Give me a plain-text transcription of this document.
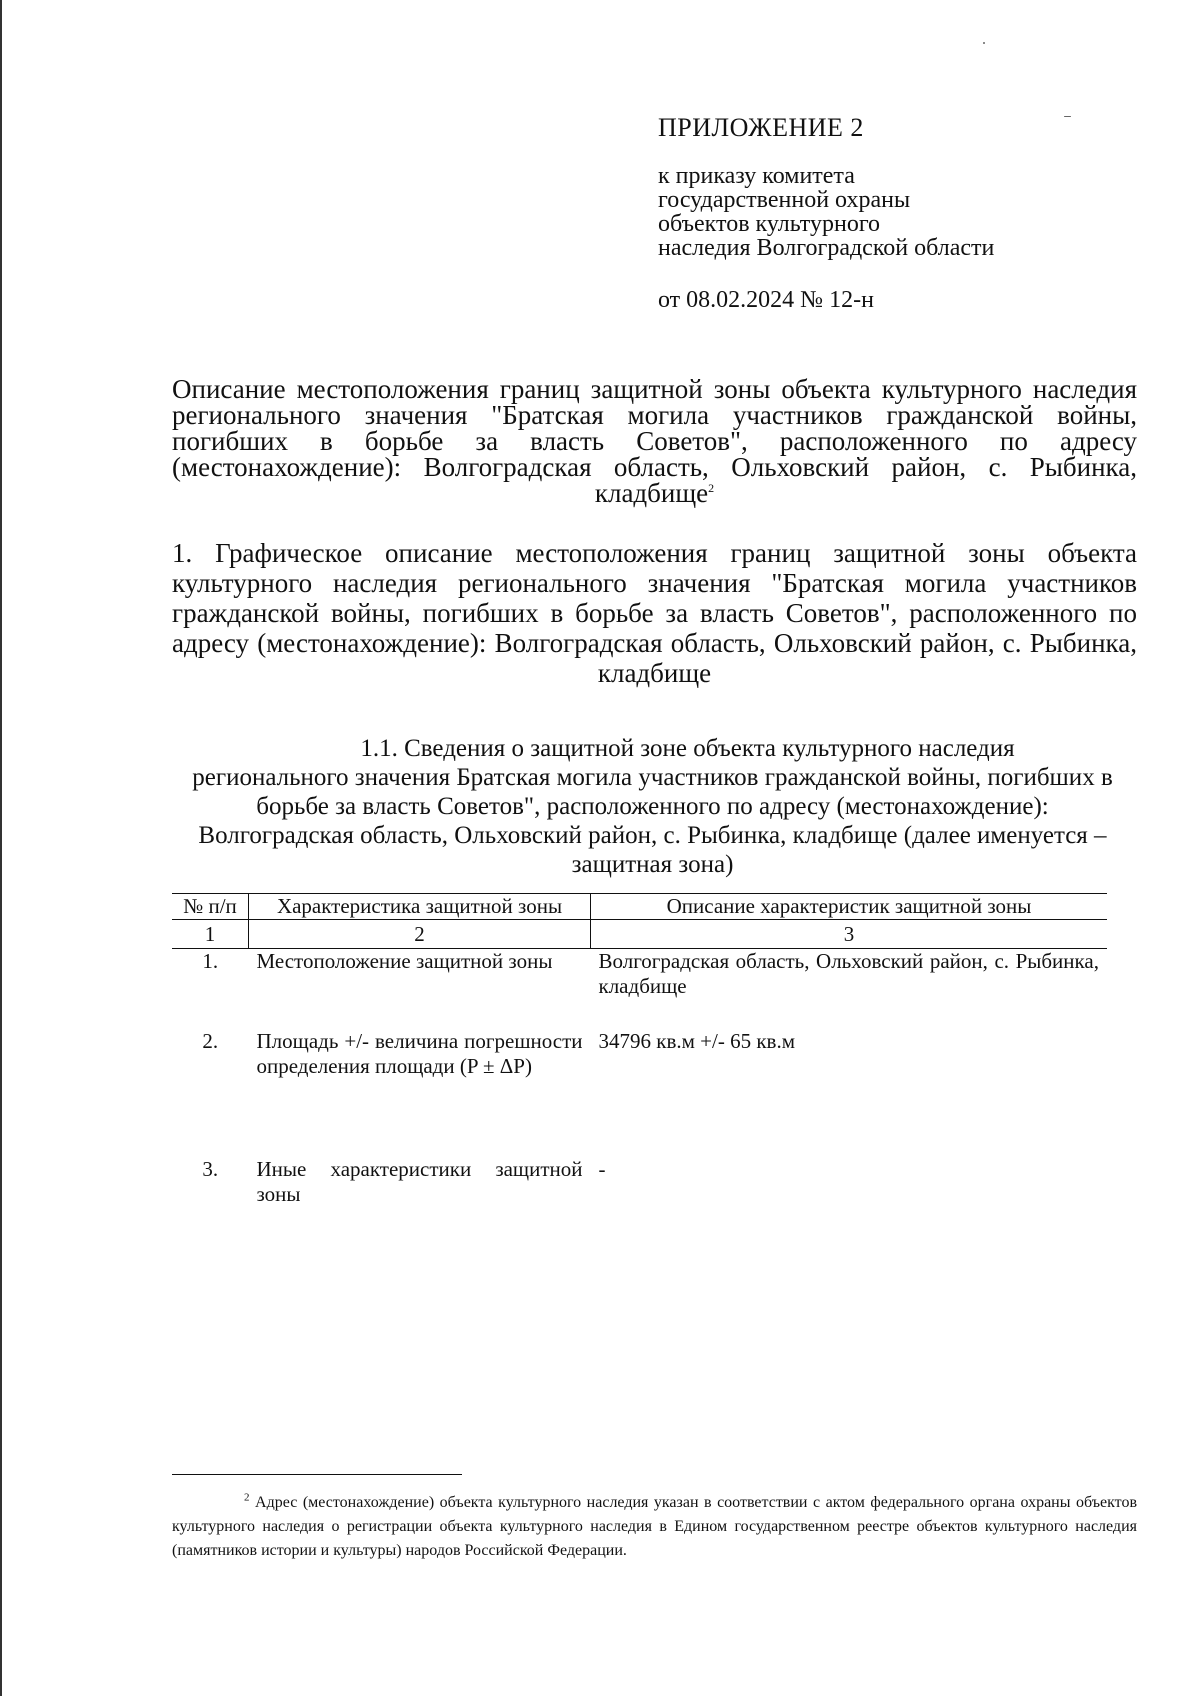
ПРИЛОЖЕНИЕ 2
к приказу комитета
государственной охраны
объектов культурного
наследия Волгоградской области
от 08.02.2024 № 12-н
Описание местоположения границ защитной зоны объекта культурного наследия регионального значения "Братская могила участников гражданской войны, погибших в борьбе за власть Советов", расположенного по адресу (местонахождение): Волгоградская область, Ольховский район, с. Рыбинка, кладбище$^2$
1. Графическое описание местоположения границ защитной зоны объекта культурного наследия регионального значения "Братская могила участников гражданской войны, погибших в борьбе за власть Советов", расположенного по адресу (местонахождение): Волгоградская область, Ольховский район, с. Рыбинка, кладбище
1.1. Сведения о защитной зоне объекта культурного наследия
регионального значения Братская могила участников гражданской войны, погибших в борьбе за власть Советов", расположенного по адресу (местонахождение): Волгоградская область, Ольховский район, с. Рыбинка, кладбище (далее именуется – защитная зона)
№ п/п	Характеристика защитной зоны	Описание характеристик защитной зоны
1	2	3
1.	Местоположение защитной зоны	Волгоградская область, Ольховский район, с. Рыбинка, кладбище
2.	Площадь +/- величина погрешности определения площади (P ± ΔP)	34796 кв.м +/- 65 кв.м
3.	Иные характеристики защитной зоны	-
$^2$ Адрес (местонахождение) объекта культурного наследия указан в соответствии с актом федерального органа охраны объектов культурного наследия о регистрации объекта культурного наследия в Едином государственном реестре объектов культурного наследия (памятников истории и культуры) народов Российской Федерации.
